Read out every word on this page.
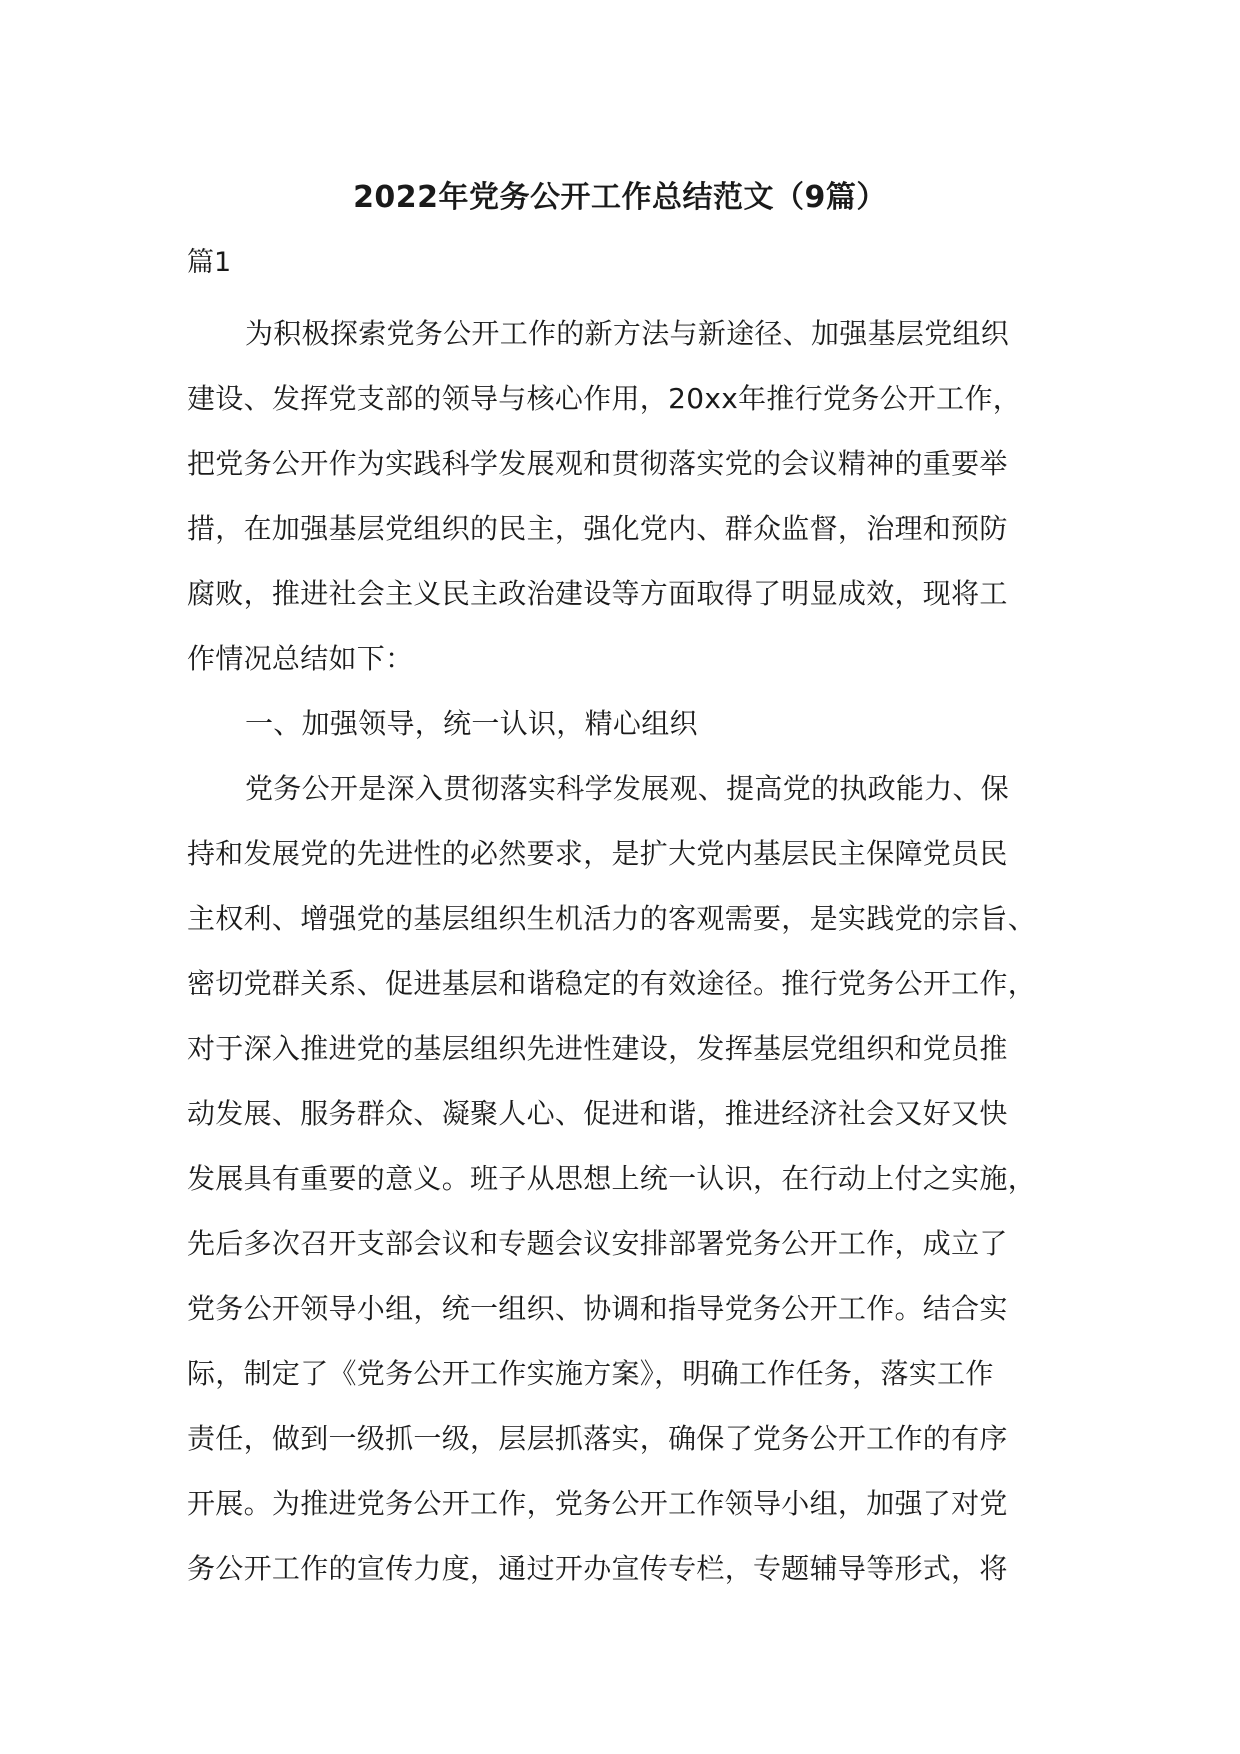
2022年党务公开工作总结范文（9篇）
篇1
为积极探索党务公开工作的新方法与新途径、加强基层党组织
建设、发挥党支部的领导与核心作用，20xx年推行党务公开工作，
把党务公开作为实践科学发展观和贯彻落实党的会议精神的重要举
措，在加强基层党组织的民主，强化党内、群众监督，治理和预防
腐败，推进社会主义民主政治建设等方面取得了明显成效，现将工
作情况总结如下：
一、加强领导，统一认识，精心组织
党务公开是深入贯彻落实科学发展观、提高党的执政能力、保
持和发展党的先进性的必然要求，是扩大党内基层民主保障党员民
主权利、增强党的基层组织生机活力的客观需要，是实践党的宗旨、
密切党群关系、促进基层和谐稳定的有效途径。推行党务公开工作，
对于深入推进党的基层组织先进性建设，发挥基层党组织和党员推
动发展、服务群众、凝聚人心、促进和谐，推进经济社会又好又快
发展具有重要的意义。班子从思想上统一认识，在行动上付之实施，
先后多次召开支部会议和专题会议安排部署党务公开工作，成立了
党务公开领导小组，统一组织、协调和指导党务公开工作。结合实
际，制定了《党务公开工作实施方案》，明确工作任务，落实工作
责任，做到一级抓一级，层层抓落实，确保了党务公开工作的有序
开展。为推进党务公开工作，党务公开工作领导小组，加强了对党
务公开工作的宣传力度，通过开办宣传专栏，专题辅导等形式，将
